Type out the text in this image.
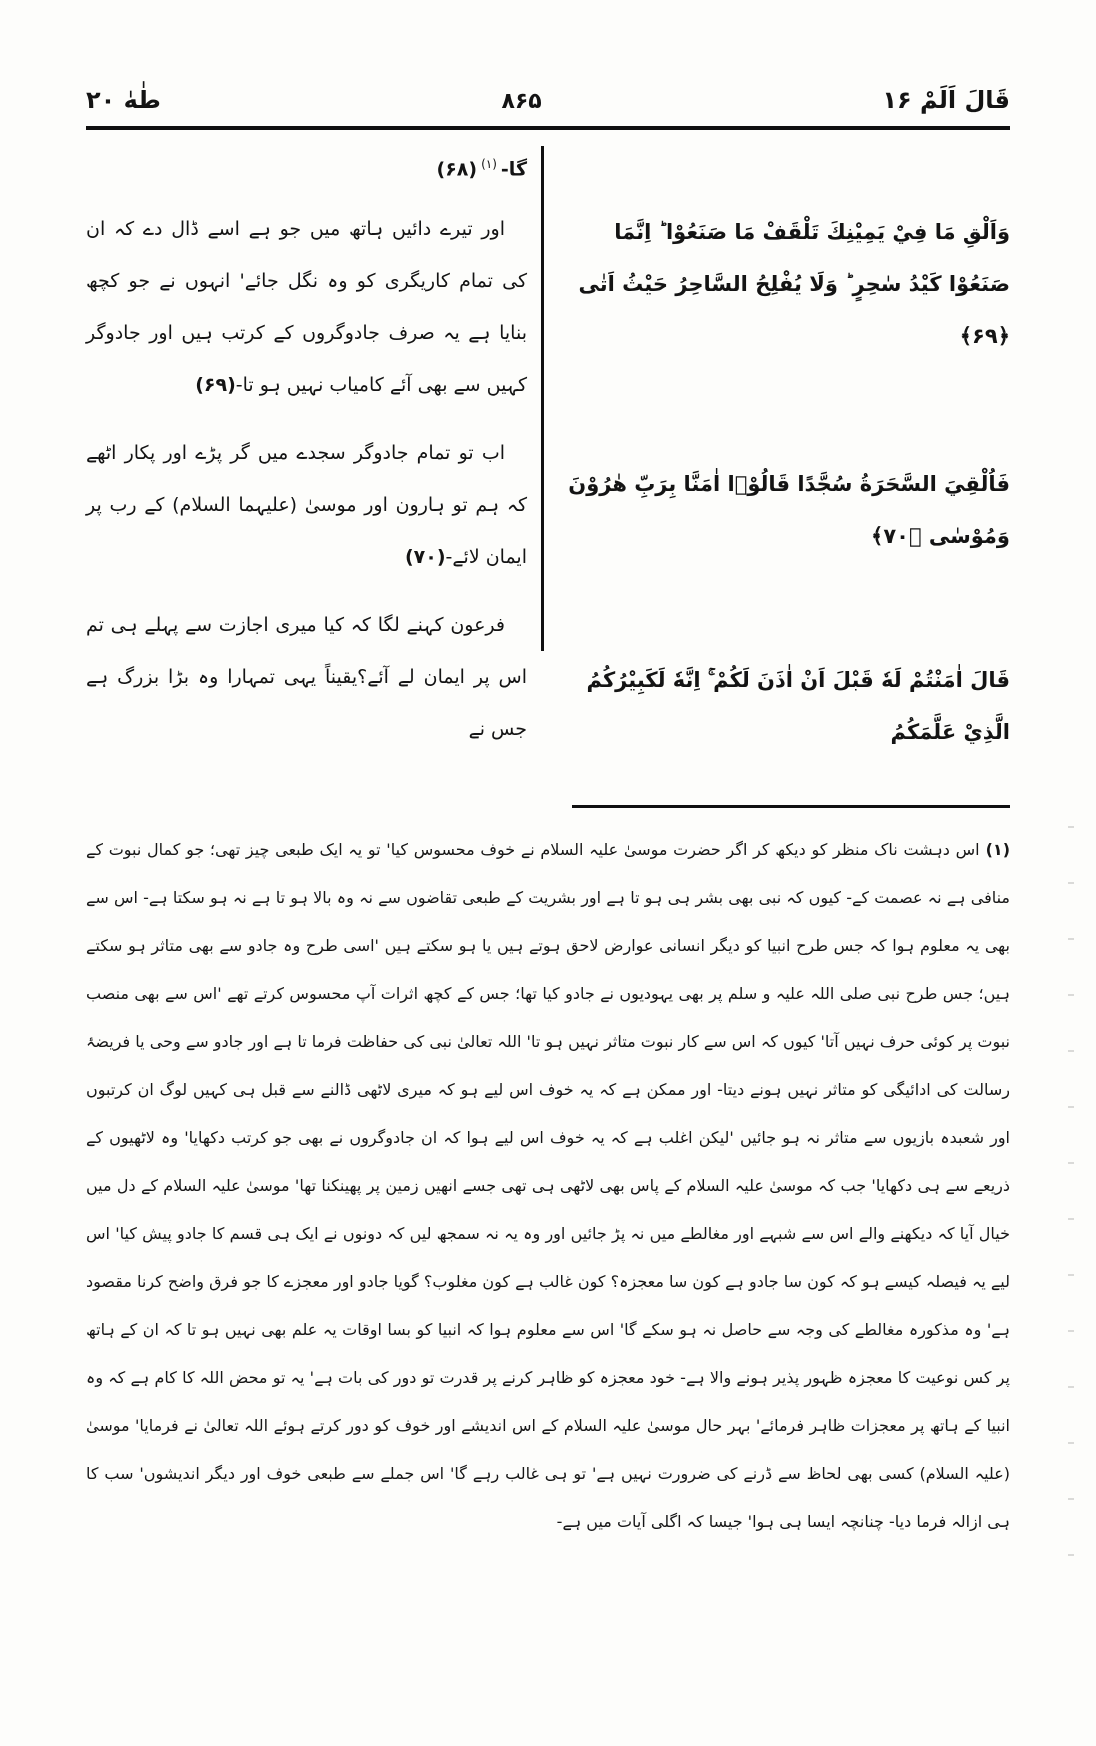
قَالَ اَلَمْ ۱۶
۸۶۵
طٰهٰ ۲۰
وَاَلْقِ مَا فِيْ يَمِيْنِكَ تَلْقَفْ مَا صَنَعُوْا ؕ اِنَّمَا صَنَعُوْا كَيْدُ سٰحِرٍ ؕ وَلَا يُفْلِحُ السَّاحِرُ حَيْثُ اَتٰى ﴿۶۹﴾
فَاُلْقِيَ السَّحَرَةُ سُجَّدًا قَالُوْۤا اٰمَنَّا بِرَبِّ هٰرُوْنَ وَمُوْسٰى ﴿۷۰﴾
قَالَ اٰمَنْتُمْ لَهٗ قَبْلَ اَنْ اٰذَنَ لَكُمْ ۚ اِنَّهٗ لَكَبِيْرُكُمُ الَّذِيْ عَلَّمَكُمُ

گا-$^{(۱)}$(۶۸)

اور تیرے دائیں ہاتھ میں جو ہے اسے ڈال دے کہ ان کی تمام کاریگری کو وہ نگل جائے' انہوں نے جو کچھ بنایا ہے یہ صرف جادوگروں کے کرتب ہیں اور جادوگر کہیں سے بھی آئے کامیاب نہیں ہو تا-(۶۹)

اب تو تمام جادوگر سجدے میں گر پڑے اور پکار اٹھے کہ ہم تو ہارون اور موسیٰ (علیہما السلام) کے رب پر ایمان لائے-(۷۰)

فرعون کہنے لگا کہ کیا میری اجازت سے پہلے ہی تم اس پر ایمان لے آئے؟یقیناً یہی تمہارا وہ بڑا بزرگ ہے جس نے

(۱)اس دہشت ناک منظر کو دیکھ کر اگر حضرت موسیٰ علیہ السلام نے خوف محسوس کیا' تو یہ ایک طبعی چیز تھی؛ جو کمال نبوت کے منافی ہے نہ عصمت کے- کیوں کہ نبی بھی بشر ہی ہو تا ہے اور بشریت کے طبعی تقاضوں سے نہ وہ بالا ہو تا ہے نہ ہو سکتا ہے- اس سے بھی یہ معلوم ہوا کہ جس طرح انبیا کو دیگر انسانی عوارض لاحق ہوتے ہیں یا ہو سکتے ہیں 'اسی طرح وہ جادو سے بھی متاثر ہو سکتے ہیں؛ جس طرح نبی صلی اللہ علیہ و سلم پر بھی یہودیوں نے جادو کیا تھا؛ جس کے کچھ اثرات آپ محسوس کرتے تھے 'اس سے بھی منصب نبوت پر کوئی حرف نہیں آتا' کیوں کہ اس سے کار نبوت متاثر نہیں ہو تا' اللہ تعالیٰ نبی کی حفاظت فرما تا ہے اور جادو سے وحی یا فریضۂ رسالت کی ادائیگی کو متاثر نہیں ہونے دیتا- اور ممکن ہے کہ یہ خوف اس لیے ہو کہ میری لاٹھی ڈالنے سے قبل ہی کہیں لوگ ان کرتبوں اور شعبدہ بازیوں سے متاثر نہ ہو جائیں 'لیکن اغلب ہے کہ یہ خوف اس لیے ہوا کہ ان جادوگروں نے بھی جو کرتب دکھایا' وہ لاٹھیوں کے ذریعے سے ہی دکھایا' جب کہ موسیٰ علیہ السلام کے پاس بھی لاٹھی ہی تھی جسے انھیں زمین پر پھینکنا تھا' موسیٰ علیہ السلام کے دل میں خیال آیا کہ دیکھنے والے اس سے شبہے اور مغالطے میں نہ پڑ جائیں اور وہ یہ نہ سمجھ لیں کہ دونوں نے ایک ہی قسم کا جادو پیش کیا' اس لیے یہ فیصلہ کیسے ہو کہ کون سا جادو ہے کون سا معجزہ؟ کون غالب ہے کون مغلوب؟ گویا جادو اور معجزے کا جو فرق واضح کرنا مقصود ہے' وہ مذکورہ مغالطے کی وجہ سے حاصل نہ ہو سکے گا' اس سے معلوم ہوا کہ انبیا کو بسا اوقات یہ علم بھی نہیں ہو تا کہ ان کے ہاتھ پر کس نوعیت کا معجزہ ظہور پذیر ہونے والا ہے- خود معجزہ کو ظاہر کرنے پر قدرت تو دور کی بات ہے' یہ تو محض اللہ کا کام ہے کہ وہ انبیا کے ہاتھ پر معجزات ظاہر فرمائے' بہر حال موسیٰ علیہ السلام کے اس اندیشے اور خوف کو دور کرتے ہوئے اللہ تعالیٰ نے فرمایا' موسیٰ (علیہ السلام) کسی بھی لحاظ سے ڈرنے کی ضرورت نہیں ہے' تو ہی غالب رہے گا' اس جملے سے طبعی خوف اور دیگر اندیشوں' سب کا ہی ازالہ فرما دیا- چنانچہ ایسا ہی ہوا' جیسا کہ اگلی آیات میں ہے-
